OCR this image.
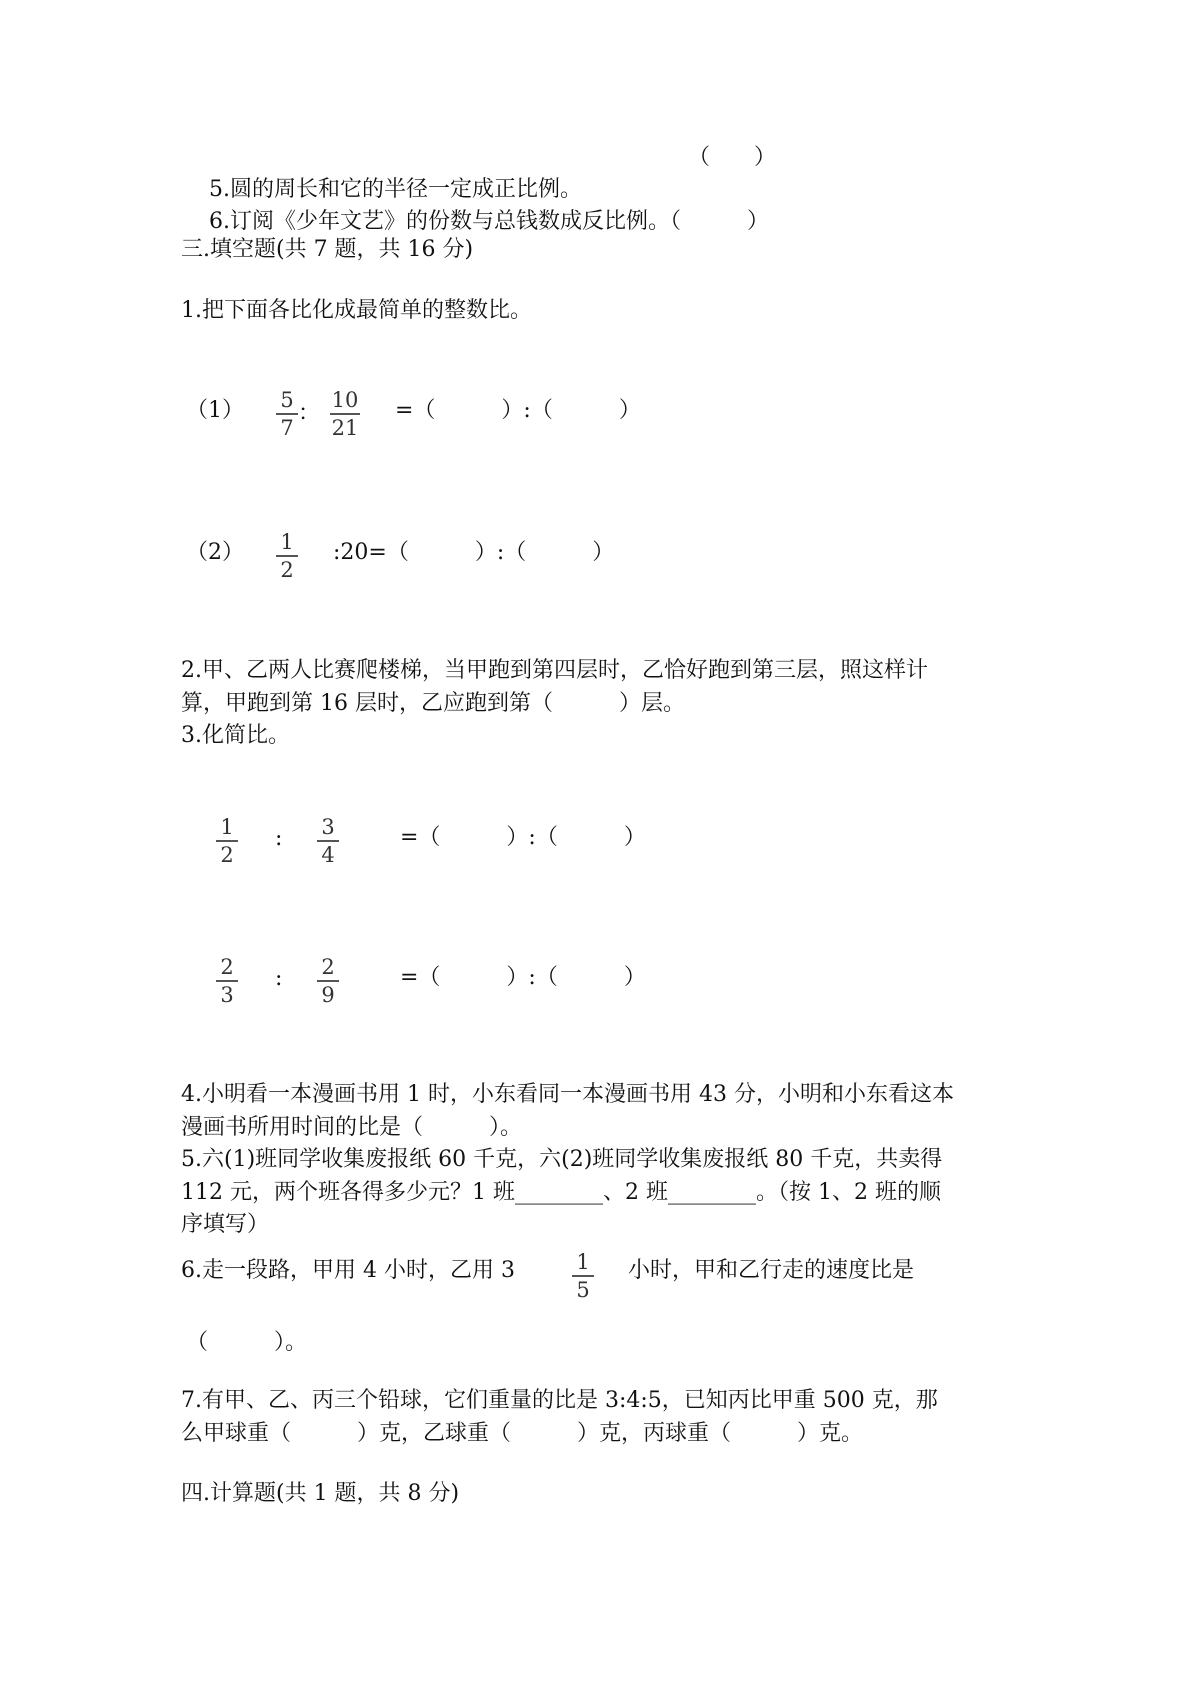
5.圆的周长和它的半径一定成正比例。

（　　）

6.订阅《少年文艺》的份数与总钱数成反比例。（　　　）

三.填空题(共 7 题，共 16 分)
1.把下面各比化成最简单的整数比。
（1） 5
7
：
10
21
=（　　　）:（　　　）
（2） 1
2
:20=（　　　）:（　　　）
2.甲、乙两人比赛爬楼梯，当甲跑到第四层时，乙恰好跑到第三层，照这样计
算，甲跑到第 16 层时，乙应跑到第（　　　）层。
3.化简比。
1
2
: 3
4
=（　　　）:（　　　）
2
3
: 2
9
=（　　　）:（　　　）
4.小明看一本漫画书用 1 时，小东看同一本漫画书用 43 分，小明和小东看这本
漫画书所用时间的比是（　　　）。
5.六(1)班同学收集废报纸 60 千克，六(2)班同学收集废报纸 80 千克，共卖得
112 元，两个班各得多少元？1 班________、2 班________。（按 1、2 班的顺
序填写）
6.走一段路，甲用 4 小时，乙用 3	1
5
小时，甲和乙行走的速度比是
（　　　）。
7.有甲、乙、丙三个铅球，它们重量的比是 3:4:5，已知丙比甲重 500 克，那
么甲球重（　　　）克，乙球重（　　　）克，丙球重（　　　）克。
四.计算题(共 1 题，共 8 分)
